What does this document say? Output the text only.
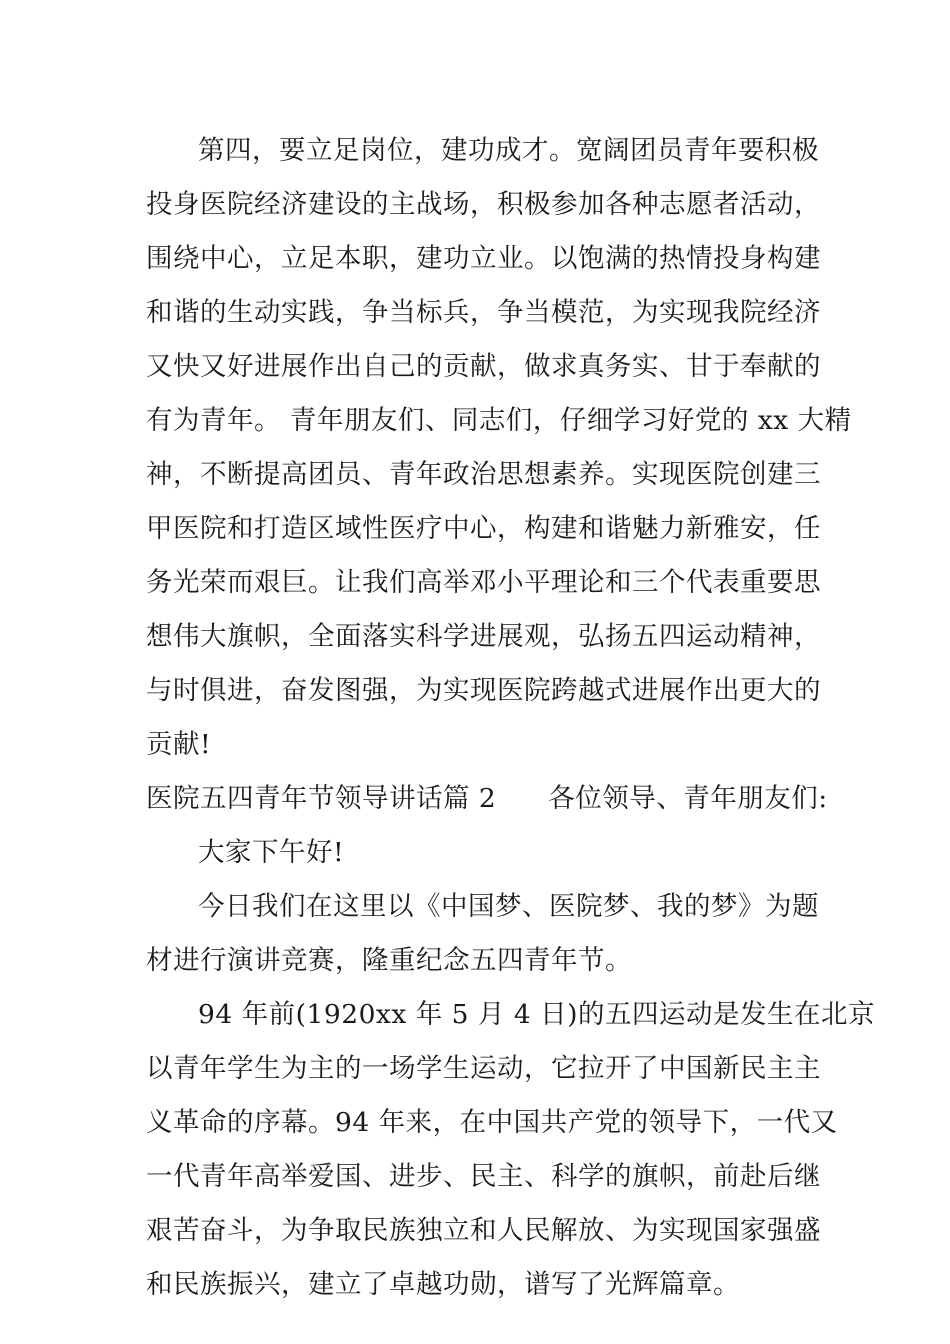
第四，要立足岗位，建功成才。宽阔团员青年要积极
投身医院经济建设的主战场，积极参加各种志愿者活动，
围绕中心，立足本职，建功立业。以饱满的热情投身构建
和谐的生动实践，争当标兵，争当模范，为实现我院经济
又快又好进展作出自己的贡献，做求真务实、甘于奉献的
有为青年。 青年朋友们、同志们，仔细学习好党的 xx 大精
神，不断提高团员、青年政治思想素养。实现医院创建三
甲医院和打造区域性医疗中心，构建和谐魅力新雅安，任
务光荣而艰巨。让我们高举邓小平理论和三个代表重要思
想伟大旗帜，全面落实科学进展观，弘扬五四运动精神，
与时俱进，奋发图强，为实现医院跨越式进展作出更大的
贡献!
医院五四青年节领导讲话篇 2 各位领导、青年朋友们:
大家下午好!
今日我们在这里以《中国梦、医院梦、我的梦》为题
材进行演讲竞赛，隆重纪念五四青年节。
94 年前(1920xx 年 5 月 4 日)的五四运动是发生在北京
以青年学生为主的一场学生运动，它拉开了中国新民主主
义革命的序幕。94 年来，在中国共产党的领导下，一代又
一代青年高举爱国、进步、民主、科学的旗帜，前赴后继
艰苦奋斗，为争取民族独立和人民解放、为实现国家强盛
和民族振兴，建立了卓越功勋，谱写了光辉篇章。
